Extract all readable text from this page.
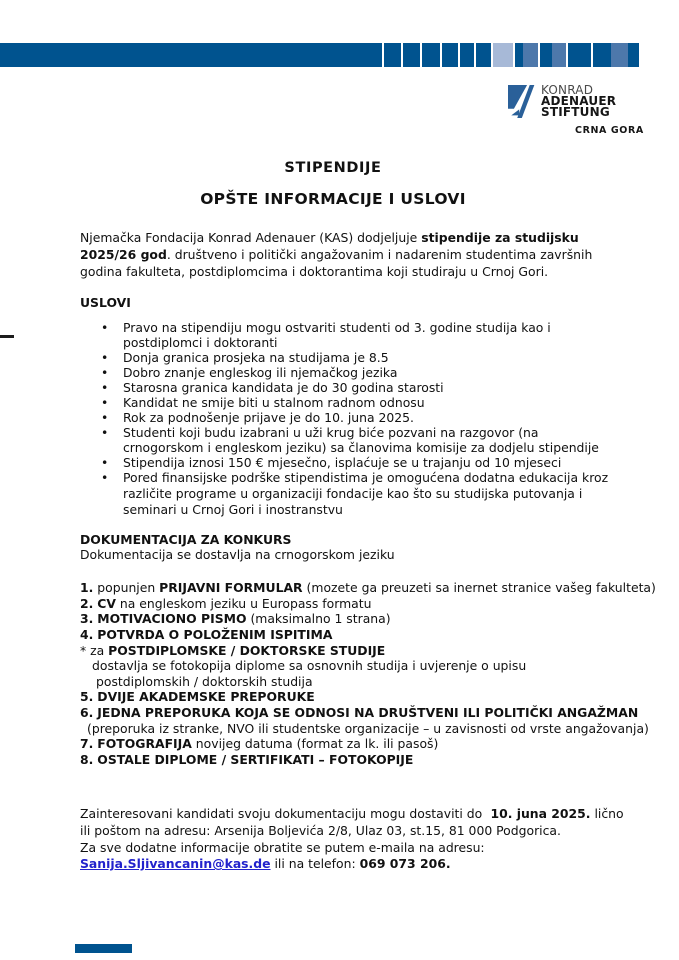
KONRAD
ADENAUER
STIFTUNG
CRNA GORA
STIPENDIJE
OPŠTE INFORMACIJE I USLOVI
Njemačka Fondacija Konrad Adenauer (KAS) dodjeljuje stipendije za studijsku
2025/26 god. društveno i politički angažovanim i nadarenim studentima završnih
godina fakulteta, postdiplomcima i doktorantima koji studiraju u Crnoj Gori.
USLOVI
•	Pravo na stipendiju mogu ostvariti studenti od 3. godine studija kao i
postdiplomci i doktoranti
•	Donja granica prosjeka na studijama je 8.5
•	Dobro znanje engleskog ili njemačkog jezika
•	Starosna granica kandidata je do 30 godina starosti
•	Kandidat ne smije biti u stalnom radnom odnosu
•	Rok za podnošenje prijave je do 10. juna 2025.
•	Studenti koji budu izabrani u uži krug biće pozvani na razgovor (na
crnogorskom i engleskom jeziku) sa članovima komisije za dodjelu stipendije
•	Stipendija iznosi 150 € mjesečno, isplaćuje se u trajanju od 10 mjeseci
•	Pored finansijske podrške stipendistima je omogućena dodatna edukacija kroz
različite programe u organizaciji fondacije kao što su studijska putovanja i
seminari u Crnoj Gori i inostranstvu
DOKUMENTACIJA ZA KONKURS
Dokumentacija se dostavlja na crnogorskom jeziku
1. popunjen PRIJAVNI FORMULAR (mozete ga preuzeti sa inernet stranice vašeg fakulteta)
2. CV na engleskom jeziku u Europass formatu
3. MOTIVACIONO PISMO (maksimalno 1 strana)
4. POTVRDA O POLOŽENIM ISPITIMA
* za POSTDIPLOMSKE / DOKTORSKE STUDIJE
dostavlja se fotokopija diplome sa osnovnih studija i uvjerenje o upisu
postdiplomskih / doktorskih studija
5. DVIJE AKADEMSKE PREPORUKE
6. JEDNA PREPORUKA KOJA SE ODNOSI NA DRUŠTVENI ILI POLITIČKI ANGAŽMAN
(preporuka iz stranke, NVO ili studentske organizacije – u zavisnosti od vrste angažovanja)
7. FOTOGRAFIJA novijeg datuma (format za lk. ili pasoš)
8. OSTALE DIPLOME / SERTIFIKATI – FOTOKOPIJE
Zainteresovani kandidati svoju dokumentaciju mogu dostaviti do  10. juna 2025. lično
ili poštom na adresu: Arsenija Boljevića 2/8, Ulaz 03, st.15, 81 000 Podgorica.
Za sve dodatne informacije obratite se putem e-maila na adresu:
Sanija.Sljivancanin@kas.de ili na telefon: 069 073 206.
